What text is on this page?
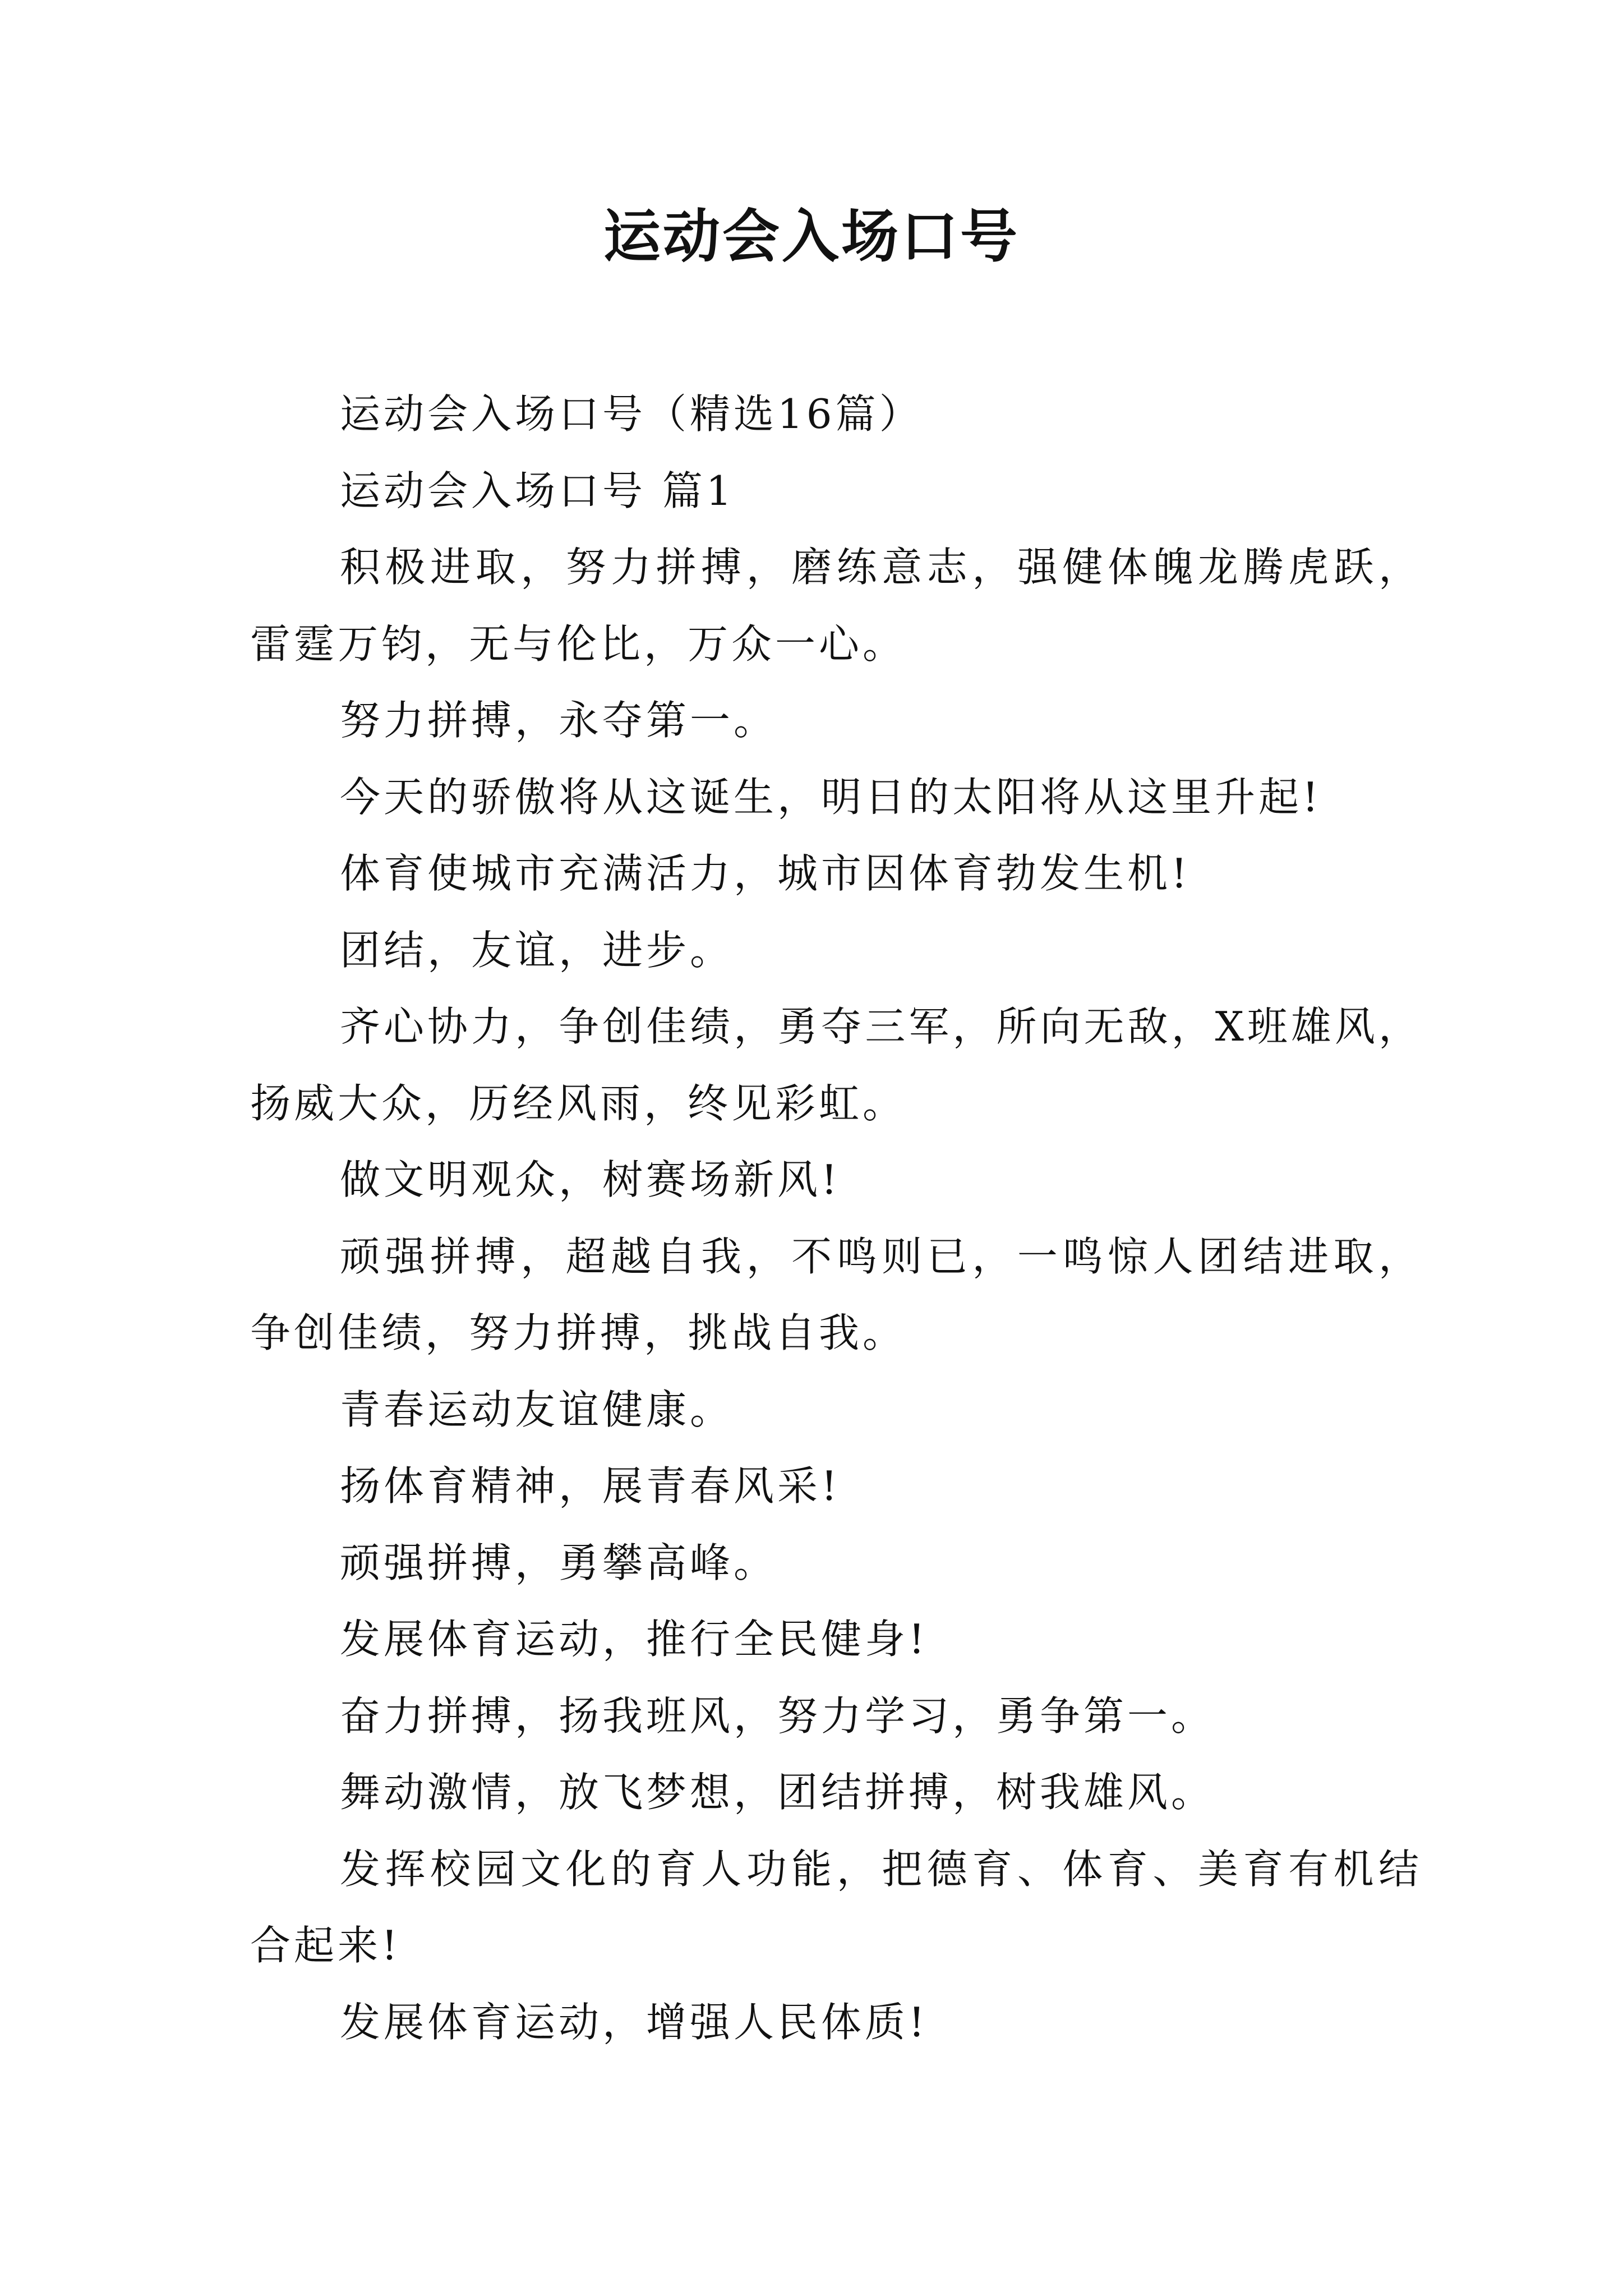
运动会入场口号

运动会入场口号（精选16篇）

运动会入场口号 篇1

积极进取，努力拼搏，磨练意志，强健体魄龙腾虎跃，雷霆万钧，无与伦比，万众一心。

努力拼搏，永夺第一。

今天的骄傲将从这诞生，明日的太阳将从这里升起!

体育使城市充满活力，城市因体育勃发生机!

团结，友谊，进步。

齐心协力，争创佳绩，勇夺三军，所向无敌，X班雄风，扬威大众，历经风雨，终见彩虹。

做文明观众，树赛场新风!

顽强拼搏，超越自我，不鸣则已，一鸣惊人团结进取，争创佳绩，努力拼搏，挑战自我。

青春运动友谊健康。

扬体育精神，展青春风采!

顽强拼搏，勇攀高峰。

发展体育运动，推行全民健身!

奋力拼搏，扬我班风，努力学习，勇争第一。

舞动激情，放飞梦想，团结拼搏，树我雄风。

发挥校园文化的育人功能，把德育、体育、美育有机结合起来!

发展体育运动，增强人民体质!
